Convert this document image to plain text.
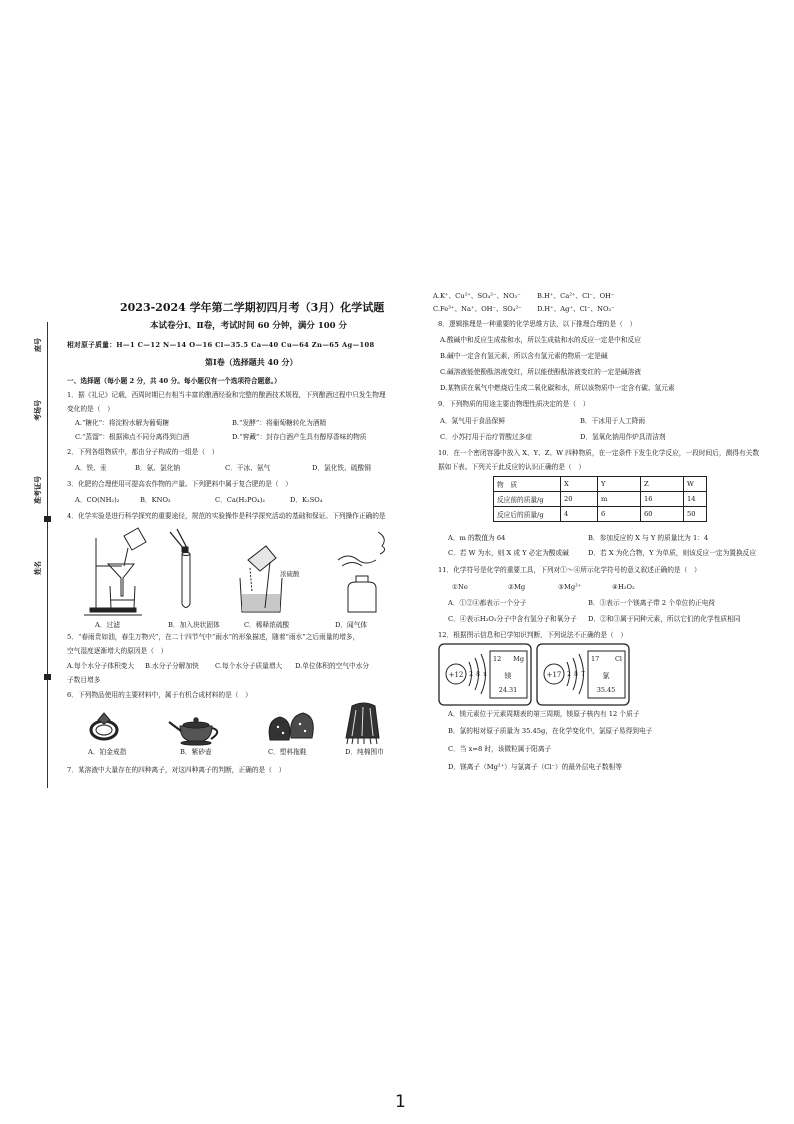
座号
考场号
准考证号
姓名
2023-2024 学年第二学期初四月考（3月）化学试题
本试卷分Ⅰ、Ⅱ卷，考试时间 60 分钟，满分 100 分
相对原子质量：H—1 C—12 N—14 O—16 Cl—35.5 Ca—40 Cu—64 Zn—65 Ag—108
第Ⅰ卷（选择题共 40 分）
一、选择题（每小题 2 分，共 40 分。每小题仅有一个选项符合题意。）
1．据《礼记》记载，西周时期已有相当丰富的酿酒经验和完整的酿酒技术规程，下列酿酒过程中只发生物理
变化的是（　）
A.“糖化”：将淀粉水解为葡萄糖	B.“发酵”：将葡萄糖转化为酒精
C.“蒸馏”：根据沸点不同分离得到白酒	D.“窖藏”：封存白酒产生具有醇厚香味的物质
2．下列各组物质中，都由分子构成的一组是（　）
A．铁、汞	B．氨、氯化钠	C．干冰、氨气	D．氯化铁、硫酸铜
3．化肥的合理使用可提高农作物的产量。下列肥料中属于复合肥的是（　）
A．CO(NH₂)₂	B．KNO₃	C．Ca(H₂PO₄)₂	D．K₂SO₄
4．化学实验是进行科学探究的重要途径，规范的实验操作是科学探究活动的基础和保证。下列操作正确的是
浓硫酸
A．过滤	B．加入块状固体	C．稀释浓硫酸	D．闻气体
5．“春雨贵如油，春生万物兴”，在二十四节气中“雨水”的形象描述，随着“雨水”之后雨量的增多，
空气湿度逐渐增大的原因是（　）
A.每个水分子体积变大 B.水分子分解加快 C.每个水分子质量增大 D.单位体积的空气中水分
子数目增多
6．下列物品使用的主要材料中，属于有机合成材料的是（　）
A．铂金戒指	B．紫砂壶	C．塑料拖鞋	D．纯棉围巾
7．某溶液中大量存在的四种离子，对这四种离子的判断，正确的是（　）
A.K⁺、Cu²⁺、SO₄²⁻、NO₃⁻ B.H⁺、Ca²⁺、Cl⁻、OH⁻
C.Fe³⁺、Na⁺、OH⁻、SO₄²⁻ D.H⁺、Ag⁺、Cl⁻、NO₃⁻
8．逻辑推理是一种重要的化学思维方法，以下推理合理的是（　）
A.酸碱中和反应生成盐和水，所以生成盐和水的反应一定是中和反应
B.碱中一定含有氢元素，所以含有氢元素的物质一定是碱
C.碱溶液能使酚酞溶液变红，所以能使酚酞溶液变红的一定是碱溶液
D.某物质在氧气中燃烧后生成二氧化碳和水，所以该物质中一定含有碳、氢元素
9．下列物质的用途主要由物理性质决定的是（　）
A．氮气用于食品保鲜	B．干冰用于人工降雨
C．小苏打用于治疗胃酸过多症	D．氢氧化钠用作炉具清洁剂
10．在一个密闭容器中放入 X、Y、Z、W 四种物质，在一定条件下发生化学反应，一段时间后，测得有关数
据如下表。下列关于此反应的认识正确的是（　）
物　质	X	Y	Z	W
反应前的质量/g	20	m	16	14
反应后的质量/g	4	6	60	50
A．m 的数值为 64	B．参加反应的 X 与 Y 的质量比为 1：4
C．若 W 为水，则 X 或 Y 必定为酸或碱	D．若 X 为化合物，Y 为单质，则该反应一定为置换反应
11．化学符号是化学的重要工具，下列对①～④所示化学符号的意义叙述正确的是（　）
①Ne	②Mg	③Mg²⁺	④H₂O₂
A．①②④都表示一个分子	B．③表示一个镁离子带 2 个单位的正电荷
C．④表示H₂O₂分子中含有氢分子和氧分子 D．②和③属于同种元素，所以它们的化学性质相同
12．根据图示信息和已学知识判断，下列说法不正确的是（　）
+12 2 8 x
12 Mg
镁
24.31
+17 2 8 7
17 Cl
氯
35.45
A．镁元素位于元素周期表的第三周期，镁原子核内有 12 个质子
B．氯的相对原子质量为 35.45g，在化学变化中，氯原子易得到电子
C．当 x=8 时，该微粒属于阳离子
D．镁离子（Mg²⁺）与氯离子（Cl⁻）的最外层电子数相等
1
